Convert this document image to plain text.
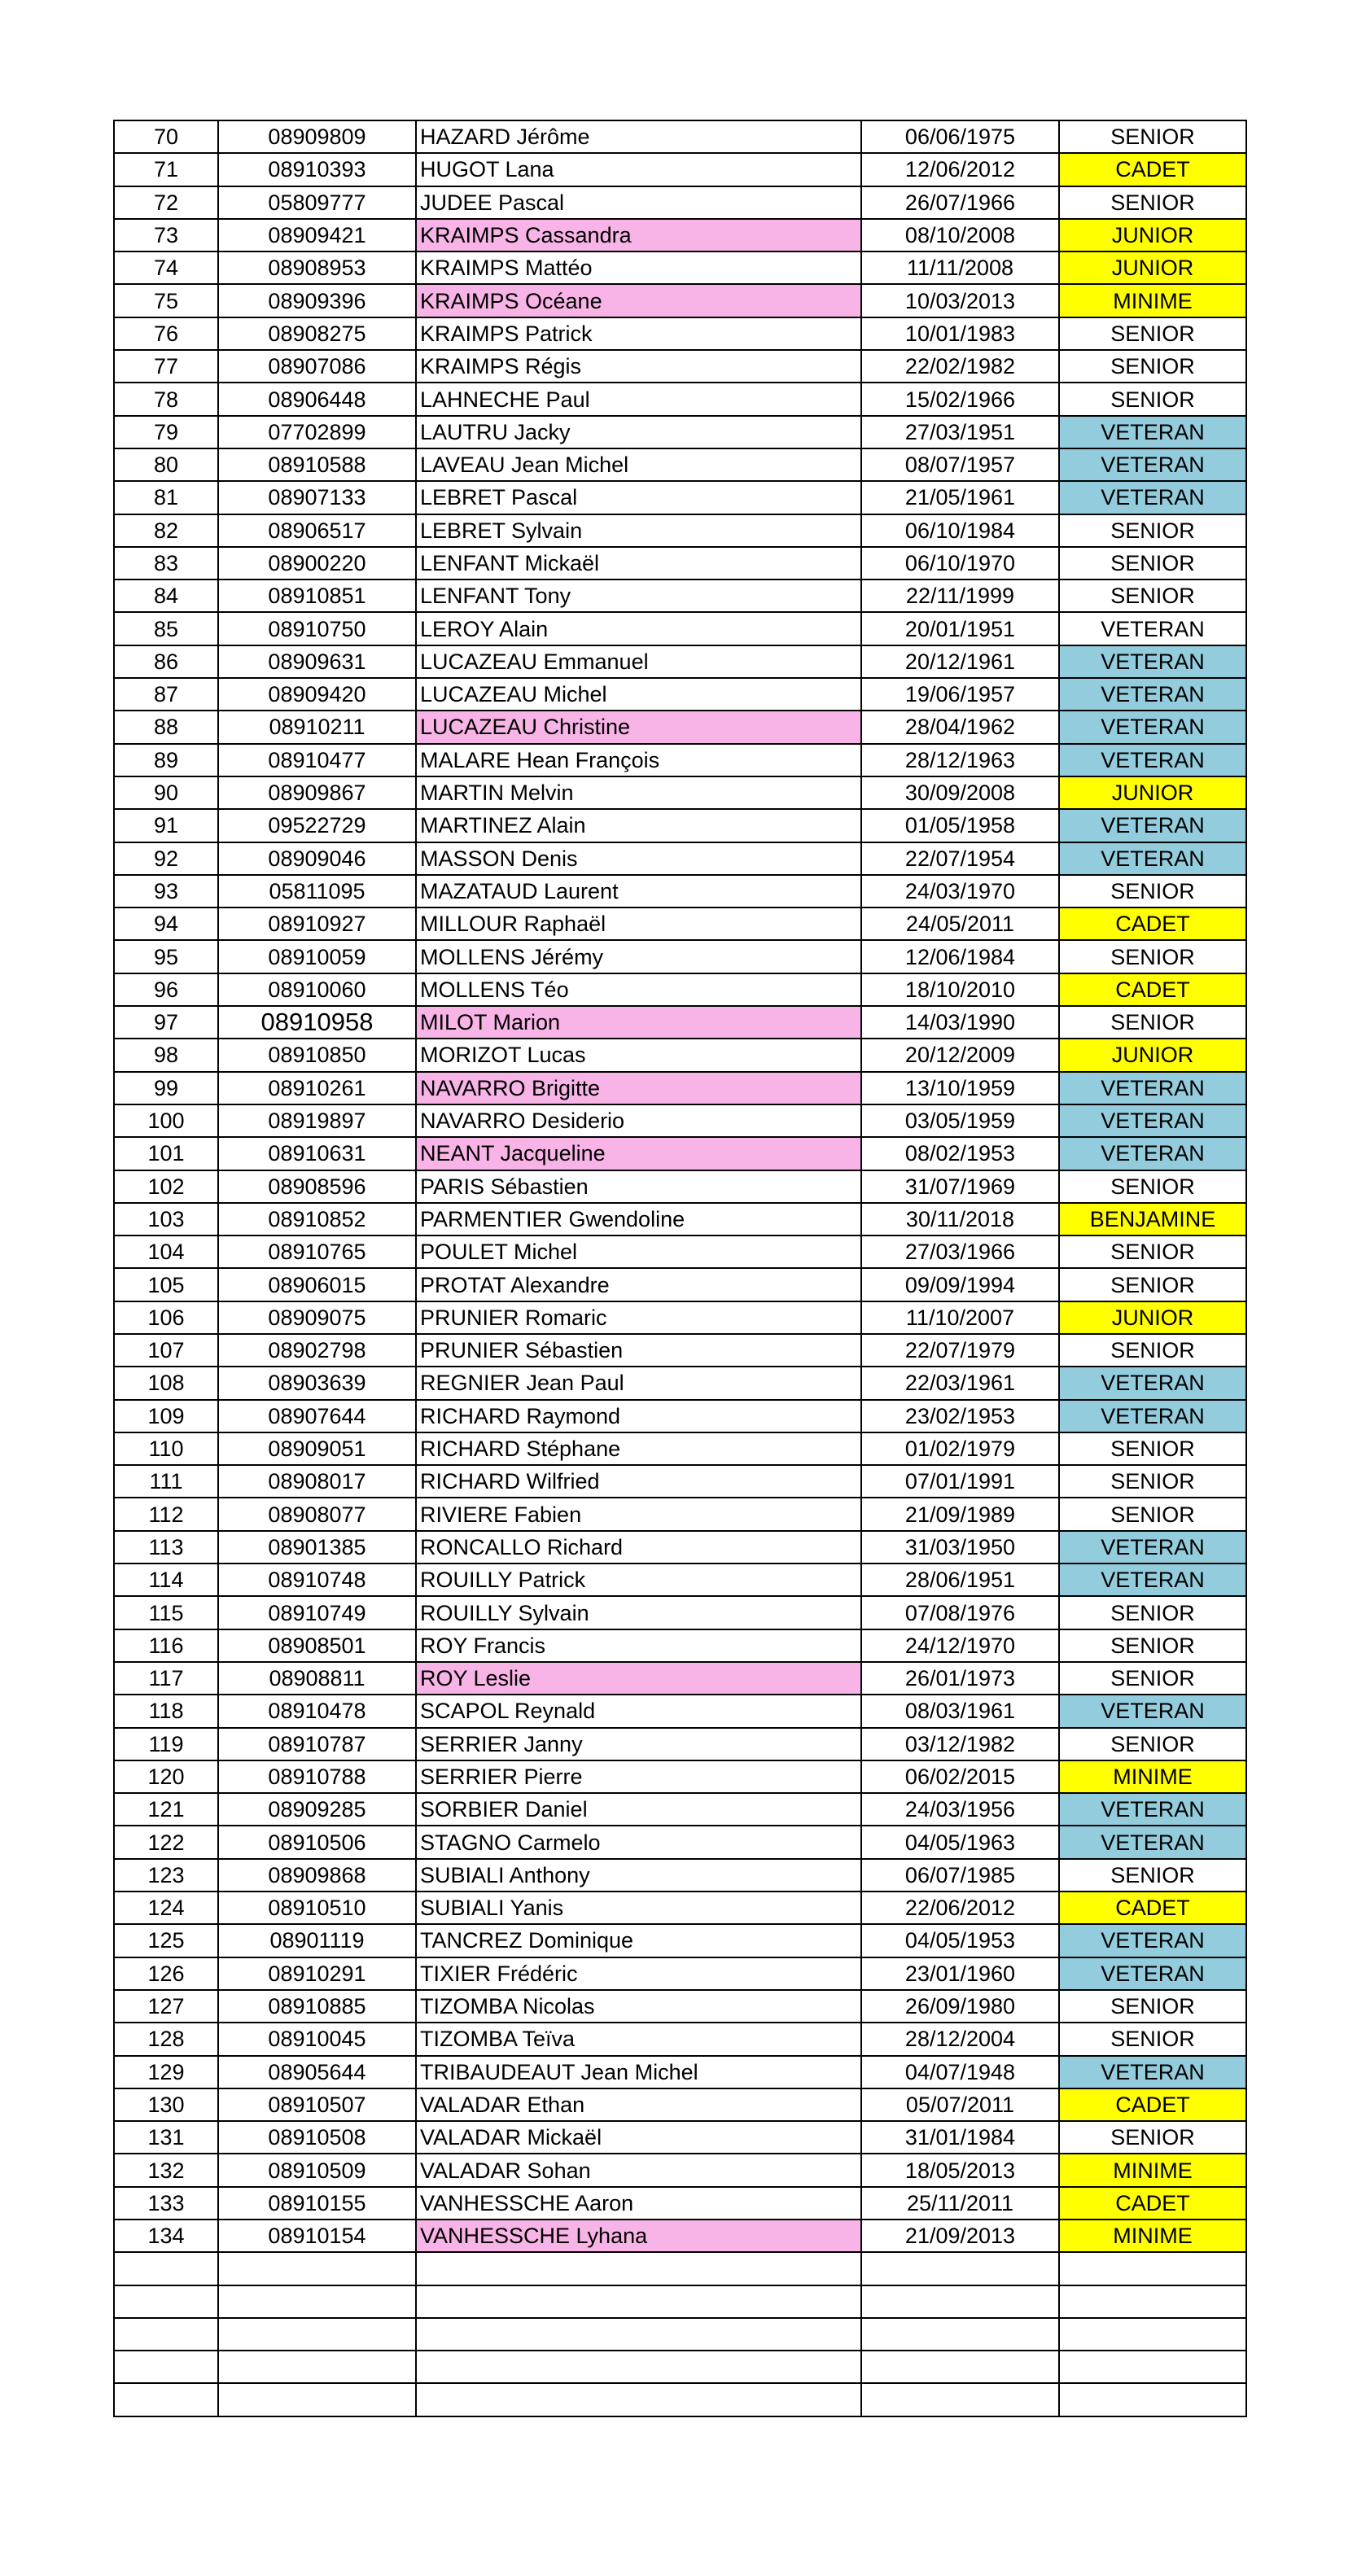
70	08909809	HAZARD Jérôme	06/06/1975	SENIOR
71	08910393	HUGOT Lana	12/06/2012	CADET
72	05809777	JUDEE Pascal	26/07/1966	SENIOR
73	08909421	KRAIMPS Cassandra	08/10/2008	JUNIOR
74	08908953	KRAIMPS Mattéo	11/11/2008	JUNIOR
75	08909396	KRAIMPS Océane	10/03/2013	MINIME
76	08908275	KRAIMPS Patrick	10/01/1983	SENIOR
77	08907086	KRAIMPS Régis	22/02/1982	SENIOR
78	08906448	LAHNECHE Paul	15/02/1966	SENIOR
79	07702899	LAUTRU Jacky	27/03/1951	VETERAN
80	08910588	LAVEAU Jean Michel	08/07/1957	VETERAN
81	08907133	LEBRET Pascal	21/05/1961	VETERAN
82	08906517	LEBRET Sylvain	06/10/1984	SENIOR
83	08900220	LENFANT Mickaël	06/10/1970	SENIOR
84	08910851	LENFANT Tony	22/11/1999	SENIOR
85	08910750	LEROY Alain	20/01/1951	VETERAN
86	08909631	LUCAZEAU Emmanuel	20/12/1961	VETERAN
87	08909420	LUCAZEAU Michel	19/06/1957	VETERAN
88	08910211	LUCAZEAU Christine	28/04/1962	VETERAN
89	08910477	MALARE Hean François	28/12/1963	VETERAN
90	08909867	MARTIN Melvin	30/09/2008	JUNIOR
91	09522729	MARTINEZ Alain	01/05/1958	VETERAN
92	08909046	MASSON Denis	22/07/1954	VETERAN
93	05811095	MAZATAUD Laurent	24/03/1970	SENIOR
94	08910927	MILLOUR Raphaël	24/05/2011	CADET
95	08910059	MOLLENS Jérémy	12/06/1984	SENIOR
96	08910060	MOLLENS Téo	18/10/2010	CADET
97	08910958	MILOT Marion	14/03/1990	SENIOR
98	08910850	MORIZOT Lucas	20/12/2009	JUNIOR
99	08910261	NAVARRO Brigitte	13/10/1959	VETERAN
100	08919897	NAVARRO Desiderio	03/05/1959	VETERAN
101	08910631	NEANT Jacqueline	08/02/1953	VETERAN
102	08908596	PARIS Sébastien	31/07/1969	SENIOR
103	08910852	PARMENTIER Gwendoline	30/11/2018	BENJAMINE
104	08910765	POULET Michel	27/03/1966	SENIOR
105	08906015	PROTAT Alexandre	09/09/1994	SENIOR
106	08909075	PRUNIER Romaric	11/10/2007	JUNIOR
107	08902798	PRUNIER Sébastien	22/07/1979	SENIOR
108	08903639	REGNIER Jean Paul	22/03/1961	VETERAN
109	08907644	RICHARD Raymond	23/02/1953	VETERAN
110	08909051	RICHARD Stéphane	01/02/1979	SENIOR
111	08908017	RICHARD Wilfried	07/01/1991	SENIOR
112	08908077	RIVIERE Fabien	21/09/1989	SENIOR
113	08901385	RONCALLO Richard	31/03/1950	VETERAN
114	08910748	ROUILLY Patrick	28/06/1951	VETERAN
115	08910749	ROUILLY Sylvain	07/08/1976	SENIOR
116	08908501	ROY Francis	24/12/1970	SENIOR
117	08908811	ROY Leslie	26/01/1973	SENIOR
118	08910478	SCAPOL Reynald	08/03/1961	VETERAN
119	08910787	SERRIER Janny	03/12/1982	SENIOR
120	08910788	SERRIER Pierre	06/02/2015	MINIME
121	08909285	SORBIER Daniel	24/03/1956	VETERAN
122	08910506	STAGNO Carmelo	04/05/1963	VETERAN
123	08909868	SUBIALI Anthony	06/07/1985	SENIOR
124	08910510	SUBIALI Yanis	22/06/2012	CADET
125	08901119	TANCREZ Dominique	04/05/1953	VETERAN
126	08910291	TIXIER Frédéric	23/01/1960	VETERAN
127	08910885	TIZOMBA Nicolas	26/09/1980	SENIOR
128	08910045	TIZOMBA Teïva	28/12/2004	SENIOR
129	08905644	TRIBAUDEAUT Jean Michel	04/07/1948	VETERAN
130	08910507	VALADAR Ethan	05/07/2011	CADET
131	08910508	VALADAR Mickaël	31/01/1984	SENIOR
132	08910509	VALADAR Sohan	18/05/2013	MINIME
133	08910155	VANHESSCHE Aaron	25/11/2011	CADET
134	08910154	VANHESSCHE Lyhana	21/09/2013	MINIME
